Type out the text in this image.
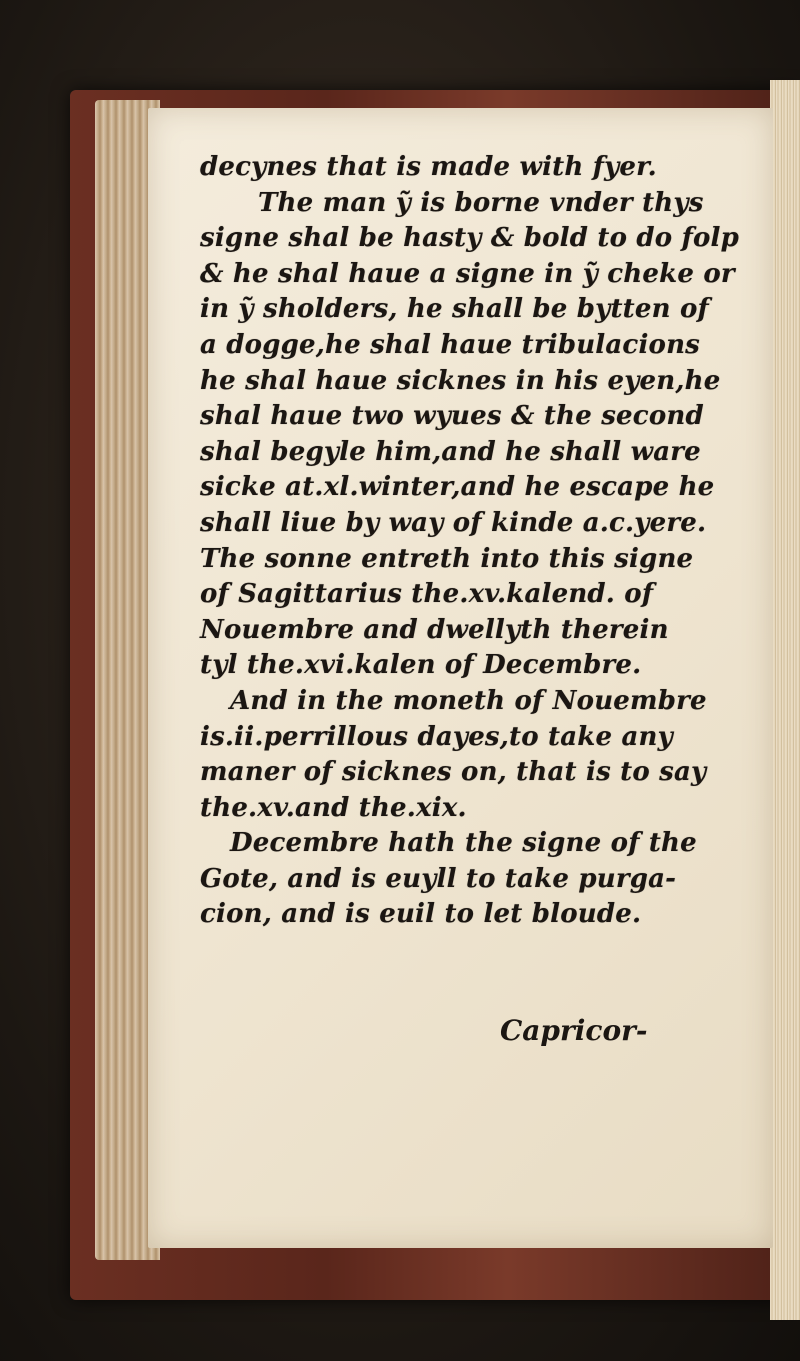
decynes that is made with fyer.
The man ỹ is borne vnder thys
signe shal be hasty & bold to do folp
& he shal haue a signe in ỹ cheke or
in ỹ sholders, he shall be bytten of
a dogge,he shal haue tribulacions
he shal haue sicknes in his eyen,he
shal haue two wyues & the second
shal begyle him,and he shall ware
sicke at.xl.winter,and he escape he
shall liue by way of kinde a.c.yere.
The sonne entreth into this signe
of Sagittarius the.xv.kalend. of
Nouembre and dwellyth therein
tyl the.xvi.kalen of Decembre.
And in the moneth of Nouembre
is.ii.perrillous dayes,to take any
maner of sicknes on, that is to say
the.xv.and the.xix.
Decembre hath the signe of the
Gote, and is euyll to take purga-
cion, and is euil to let bloude.
Capricor-
